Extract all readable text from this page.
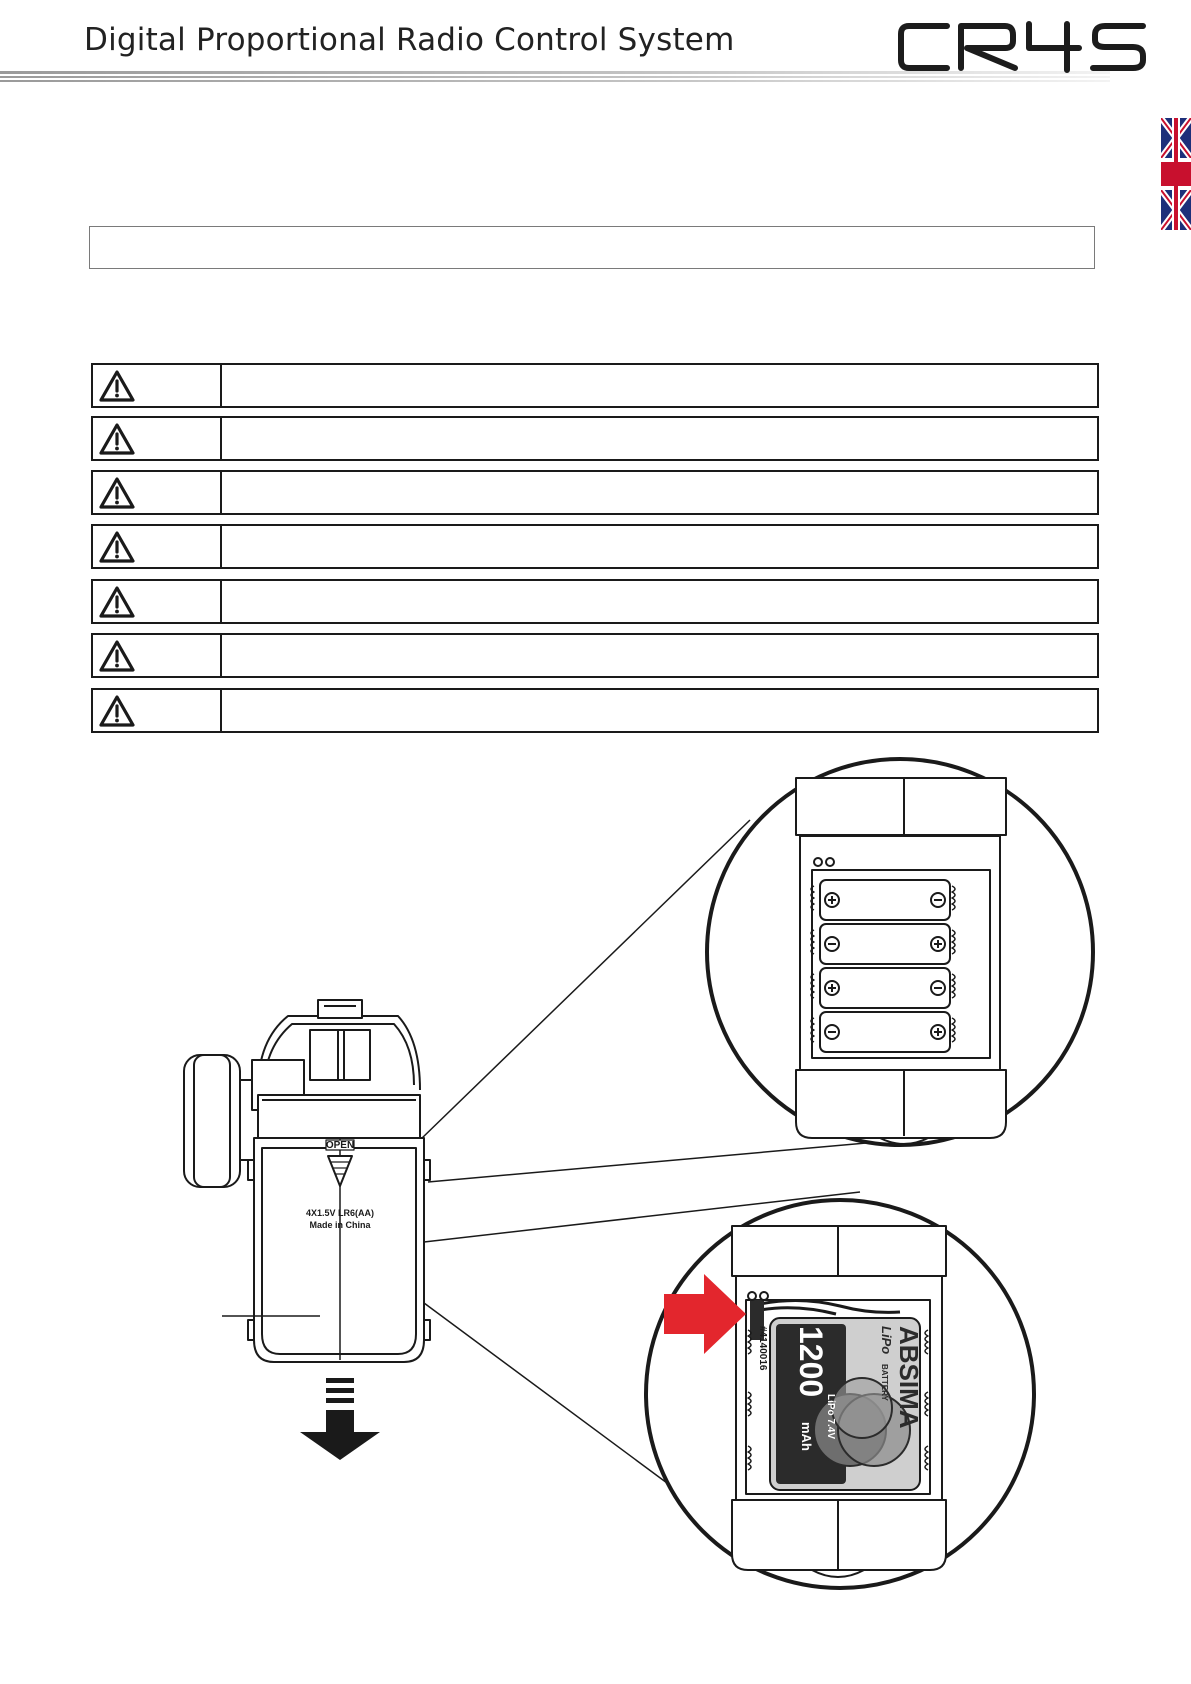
Digital Proportional Radio Control System
CR4S
OPEN
4X1.5V LR6(AA)
Made in China
1200
mAh LiPo 7.4V ABSIMA
LiPo
BATTERY
#4140016
